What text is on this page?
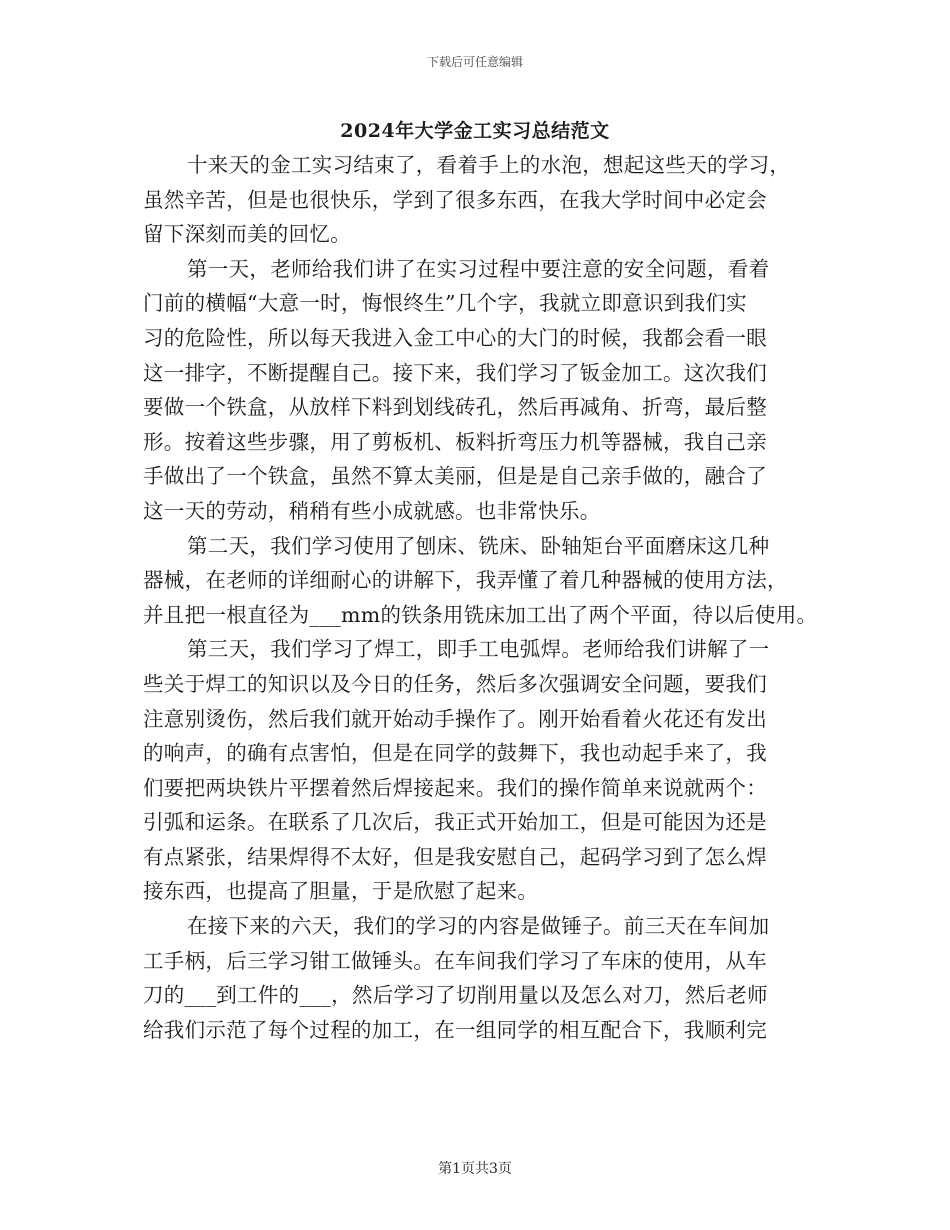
下载后可任意编辑
2024年大学金工实习总结范文
十来天的金工实习结束了，看着手上的水泡，想起这些天的学习，
虽然辛苦，但是也很快乐，学到了很多东西，在我大学时间中必定会
留下深刻而美的回忆。
第一天，老师给我们讲了在实习过程中要注意的安全问题，看着
门前的横幅“大意一时，悔恨终生”几个字，我就立即意识到我们实
习的危险性，所以每天我进入金工中心的大门的时候，我都会看一眼
这一排字，不断提醒自己。接下来，我们学习了钣金加工。这次我们
要做一个铁盒，从放样下料到划线砖孔，然后再减角、折弯，最后整
形。按着这些步骤，用了剪板机、板料折弯压力机等器械，我自己亲
手做出了一个铁盒，虽然不算太美丽，但是是自己亲手做的，融合了
这一天的劳动，稍稍有些小成就感。也非常快乐。
第二天，我们学习使用了刨床、铣床、卧轴矩台平面磨床这几种
器械，在老师的详细耐心的讲解下，我弄懂了着几种器械的使用方法，
并且把一根直径为___mm的铁条用铣床加工出了两个平面，待以后使用。
第三天，我们学习了焊工，即手工电弧焊。老师给我们讲解了一
些关于焊工的知识以及今日的任务，然后多次强调安全问题，要我们
注意别烫伤，然后我们就开始动手操作了。刚开始看着火花还有发出
的响声，的确有点害怕，但是在同学的鼓舞下，我也动起手来了，我
们要把两块铁片平摆着然后焊接起来。我们的操作简单来说就两个：
引弧和运条。在联系了几次后，我正式开始加工，但是可能因为还是
有点紧张，结果焊得不太好，但是我安慰自己，起码学习到了怎么焊
接东西，也提高了胆量，于是欣慰了起来。
在接下来的六天，我们的学习的内容是做锤子。前三天在车间加
工手柄，后三学习钳工做锤头。在车间我们学习了车床的使用，从车
刀的___到工件的___，然后学习了切削用量以及怎么对刀，然后老师
给我们示范了每个过程的加工，在一组同学的相互配合下，我顺利完
第1页共3页
